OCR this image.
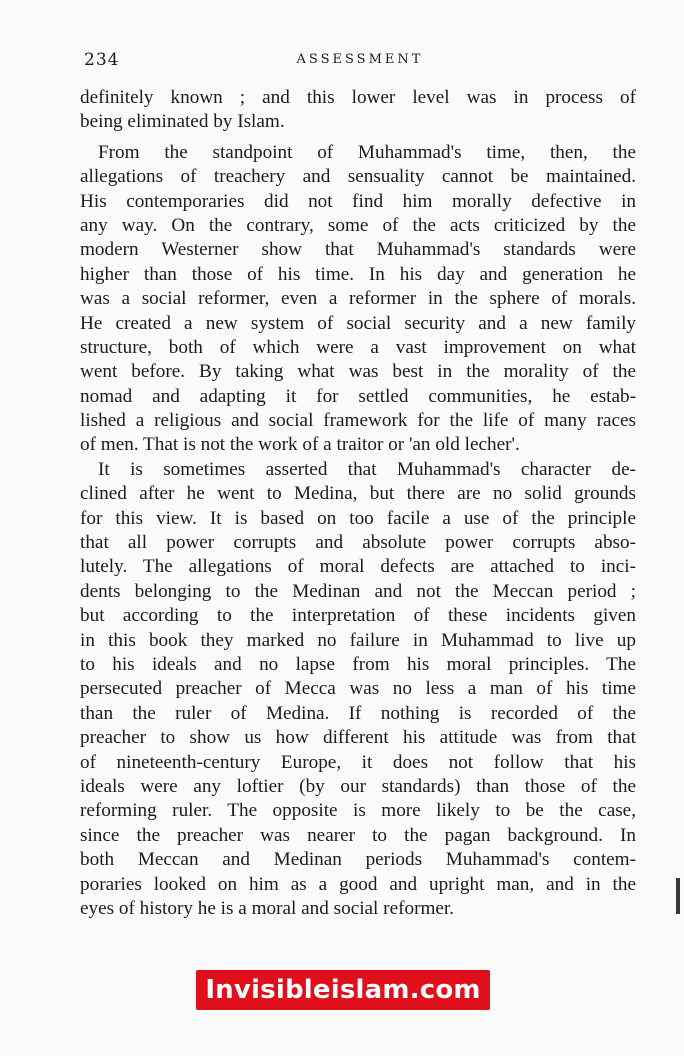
234	ASSESSMENT
definitely known ; and this lower level was in process of
being eliminated by Islam.
From the standpoint of Muhammad's time, then, the
allegations of treachery and sensuality cannot be maintained.
His contemporaries did not find him morally defective in
any way. On the contrary, some of the acts criticized by the
modern Westerner show that Muhammad's standards were
higher than those of his time. In his day and generation he
was a social reformer, even a reformer in the sphere of morals.
He created a new system of social security and a new family
structure, both of which were a vast improvement on what
went before. By taking what was best in the morality of the
nomad and adapting it for settled communities, he estab-
lished a religious and social framework for the life of many races
of men. That is not the work of a traitor or 'an old lecher'.
It is sometimes asserted that Muhammad's character de-
clined after he went to Medina, but there are no solid grounds
for this view. It is based on too facile a use of the principle
that all power corrupts and absolute power corrupts abso-
lutely. The allegations of moral defects are attached to inci-
dents belonging to the Medinan and not the Meccan period ;
but according to the interpretation of these incidents given
in this book they marked no failure in Muhammad to live up
to his ideals and no lapse from his moral principles. The
persecuted preacher of Mecca was no less a man of his time
than the ruler of Medina. If nothing is recorded of the
preacher to show us how different his attitude was from that
of nineteenth-century Europe, it does not follow that his
ideals were any loftier (by our standards) than those of the
reforming ruler. The opposite is more likely to be the case,
since the preacher was nearer to the pagan background. In
both Meccan and Medinan periods Muhammad's contem-
poraries looked on him as a good and upright man, and in the
eyes of history he is a moral and social reformer.
Invisibleislam.com
